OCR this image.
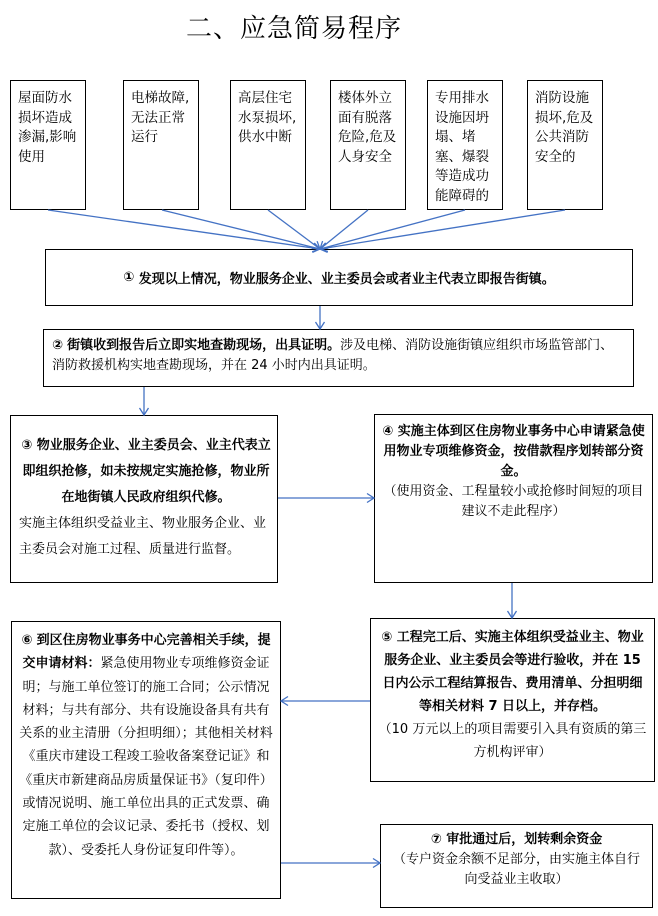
二、应急简易程序
屋面防水损坏造成渗漏,影响使用
电梯故障,无法正常运行
高层住宅水泵损坏,供水中断
楼体外立面有脱落危险,危及人身安全
专用排水设施因坍塌、堵塞、爆裂等造成功能障碍的
消防设施损坏,危及公共消防安全的
①
发现以上情况，物业服务企业、业主委员会或者业主代表立即报告街镇。
② 街镇收到报告后立即实地查勘现场，出具证明。涉及电梯、消防设施街镇应组织市场监管部门、消防救援机构实地查勘现场，并在 24 小时内出具证明。
③ 物业服务企业、业主委员会、业主代表立即组织抢修，如未按规定实施抢修，物业所在地街镇人民政府组织代修。
实施主体组织受益业主、物业服务企业、业主委员会对施工过程、质量进行监督。
④ 实施主体到区住房物业事务中心申请紧急使用物业专项维修资金，按借款程序划转部分资金。
（使用资金、工程量较小或抢修时间短的项目建议不走此程序）
⑤ 工程完工后、实施主体组织受益业主、物业服务企业、业主委员会等进行验收，并在 15 日内公示工程结算报告、费用清单、分担明细等相关材料 7 日以上，并存档。
（10 万元以上的项目需要引入具有资质的第三方机构评审）
⑥ 到区住房物业事务中心完善相关手续，提交申请材料：紧急使用物业专项维修资金证明；与施工单位签订的施工合同；公示情况材料；与共有部分、共有设施设备具有共有关系的业主清册（分担明细）；其他相关材料《重庆市建设工程竣工验收备案登记证》和《重庆市新建商品房质量保证书》（复印件）或情况说明、施工单位出具的正式发票、确定施工单位的会议记录、委托书（授权、划款）、受委托人身份证复印件等）。
⑦ 审批通过后，划转剩余资金
（专户资金余额不足部分，由实施主体自行向受益业主收取）
